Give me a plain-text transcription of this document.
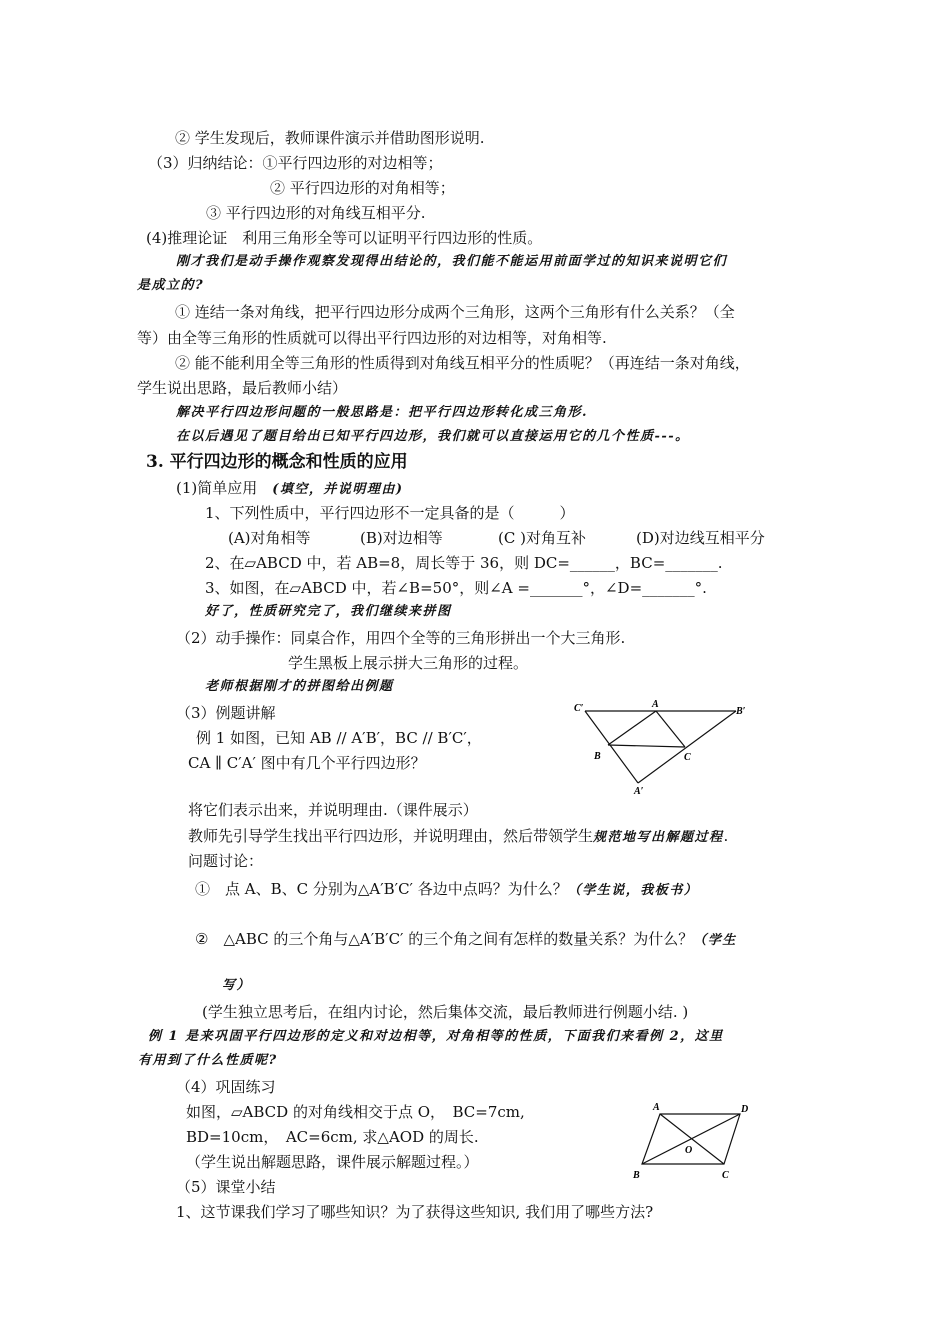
② 学生发现后，教师课件演示并借助图形说明.
（3）归纳结论：①平行四边形的对边相等；
② 平行四边形的对角相等；
③ 平行四边形的对角线互相平分.
(4)推理论证　利用三角形全等可以证明平行四边形的性质。
刚才我们是动手操作观察发现得出结论的，我们能不能运用前面学过的知识来说明它们
是成立的?
① 连结一条对角线，把平行四边形分成两个三角形，这两个三角形有什么关系？（全
等）由全等三角形的性质就可以得出平行四边形的对边相等，对角相等.
② 能不能利用全等三角形的性质得到对角线互相平分的性质呢？（再连结一条对角线，
学生说出思路，最后教师小结）
解决平行四边形问题的一般思路是：把平行四边形转化成三角形.
在以后遇见了题目给出已知平行四边形，我们就可以直接运用它的几个性质---。
3. 平行四边形的概念和性质的应用
(1)简单应用　(填空，并说明理由)
1、下列性质中，平行四边形不一定具备的是（　　　）
(A)对角相等	(B)对边相等	(C )对角互补	(D)对边线互相平分
2、在▱ABCD 中，若 AB=8，周长等于 36，则 DC=______，BC=_______.
3、如图，在▱ABCD 中，若∠B=50°，则∠A =_______°，∠D=_______°.
好了，性质研究完了，我们继续来拼图
（2）动手操作：同桌合作，用四个全等的三角形拼出一个大三角形.
学生黑板上展示拼大三角形的过程。
老师根据刚才的拼图给出例题
（3）例题讲解
例 1 如图，已知 AB // A′B′，BC // B′C′，
CA ∥ C′A′ 图中有几个平行四边形？
将它们表示出来，并说明理由.（课件展示）
教师先引导学生找出平行四边形，并说明理由，然后带领学生规范地写出解题过程.
问题讨论：
①　点 A、B、C 分别为△A′B′C′ 各边中点吗？为什么？（学生说，我板书）
②　△ABC 的三个角与△A′B′C′ 的三个角之间有怎样的数量关系？为什么？（学生
写）
(学生独立思考后，在组内讨论，然后集体交流，最后教师进行例题小结. )
例 1 是来巩固平行四边形的定义和对边相等，对角相等的性质，下面我们来看例 2，这里
有用到了什么性质呢?
（4）巩固练习
如图，▱ABCD 的对角线相交于点 O，　BC=7cm,
BD=10cm，　AC=6cm, 求△AOD 的周长.
（学生说出解题思路，课件展示解题过程。）
（5）课堂小结
1、这节课我们学习了哪些知识？为了获得这些知识, 我们用了哪些方法?
C′	A
B′
B	C
A′
A	D
O
B	C
